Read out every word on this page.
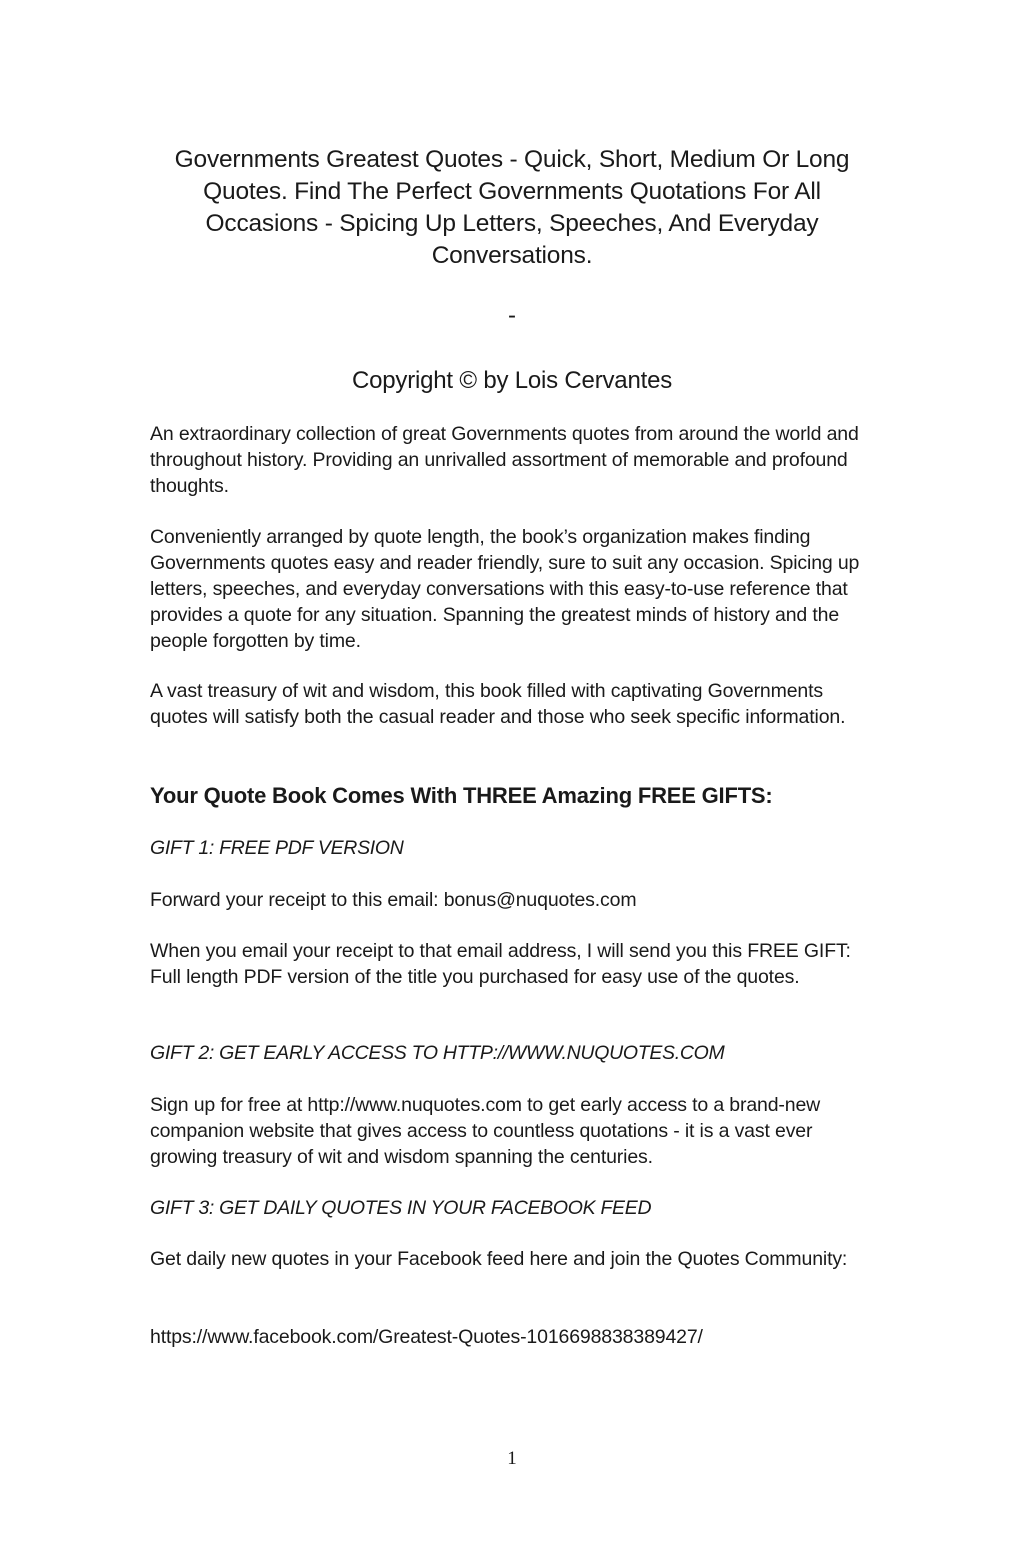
Governments Greatest Quotes - Quick, Short, Medium Or Long Quotes. Find The Perfect Governments Quotations For All Occasions - Spicing Up Letters, Speeches, And Everyday Conversations.
-
Copyright © by Lois Cervantes

An extraordinary collection of great Governments quotes from around the world and throughout history. Providing an unrivalled assortment of memorable and profound thoughts.

Conveniently arranged by quote length, the book’s organization makes finding Governments quotes easy and reader friendly, sure to suit any occasion. Spicing up letters, speeches, and everyday conversations with this easy-to-use reference that provides a quote for any situation. Spanning the greatest minds of history and the people forgotten by time.

A vast treasury of wit and wisdom, this book filled with captivating Governments quotes will satisfy both the casual reader and those who seek specific information.

Your Quote Book Comes With THREE Amazing FREE GIFTS:

GIFT 1: FREE PDF VERSION

Forward your receipt to this email: bonus@nuquotes.com

When you email your receipt to that email address, I will send you this FREE GIFT: Full length PDF version of the title you purchased for easy use of the quotes.

GIFT 2: GET EARLY ACCESS TO HTTP://WWW.NUQUOTES.COM

Sign up for free at http://www.nuquotes.com to get early access to a brand-new companion website that gives access to countless quotations - it is a vast ever growing treasury of wit and wisdom spanning the centuries.

GIFT 3: GET DAILY QUOTES IN YOUR FACEBOOK FEED

Get daily new quotes in your Facebook feed here and join the Quotes Community:

https://www.facebook.com/Greatest-Quotes-1016698838389427/

1
